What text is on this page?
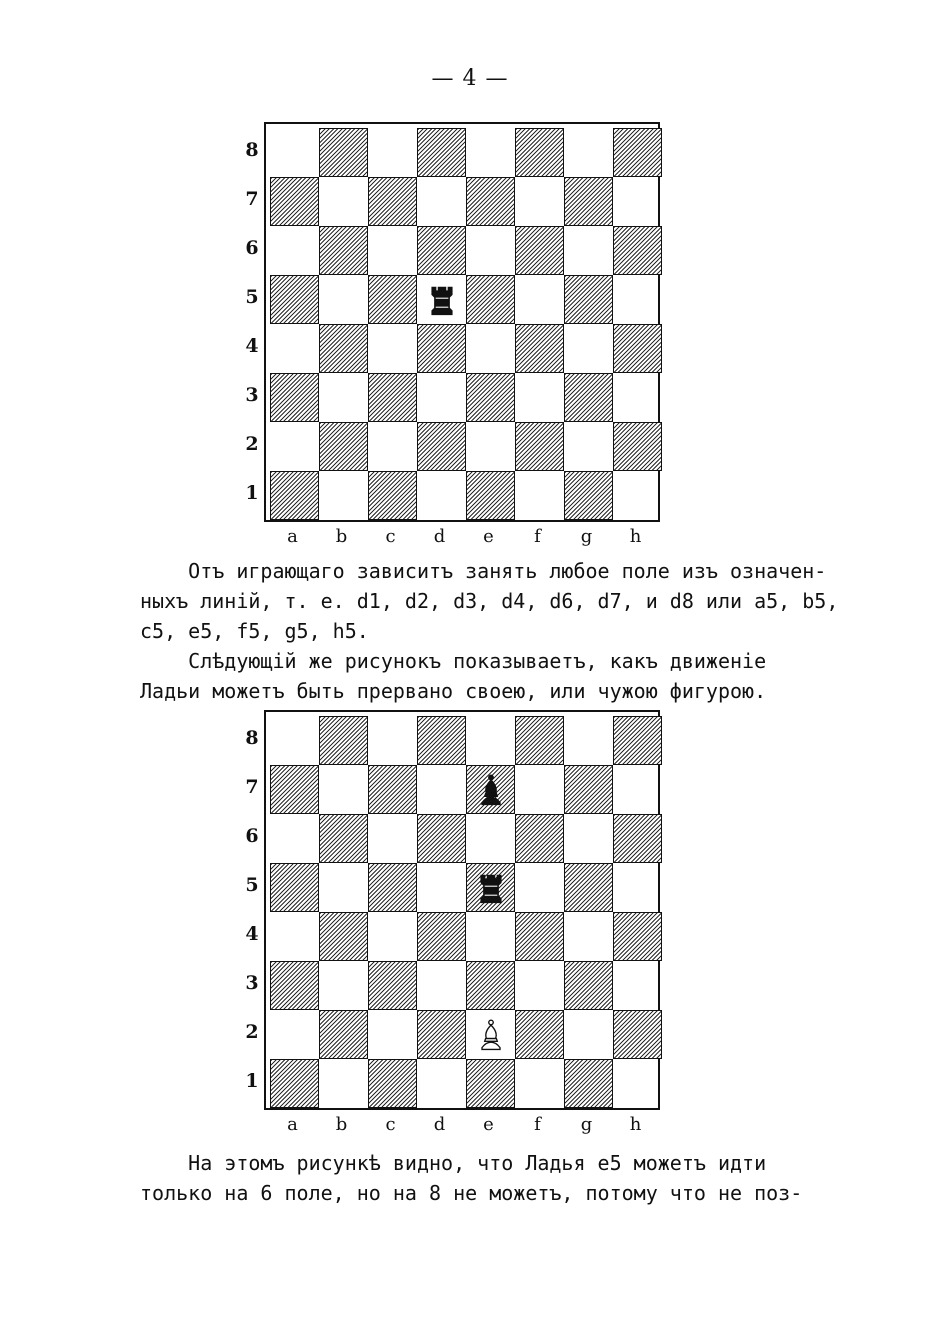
— 4 —
8
7
6
5
4
3
2
1
a	b	c	d	e	f	g	h
Отъ играющаго зависитъ занять любое поле изъ означен-
ныхъ линій, т. е. d1, d2, d3, d4, d6, d7, и d8 или a5, b5,
c5, e5, f5, g5, h5.
Слѣдующій же рисунокъ показываетъ, какъ движеніе
Ладьи можетъ быть прервано своею, или чужою фигурою.
8
7
6
5
4
3
2
1
a	b	c	d	e	f	g	h
На этомъ рисункѣ видно, что Ладья e5 можетъ идти
только на 6 поле, но на 8 не можетъ, потому что не поз-
